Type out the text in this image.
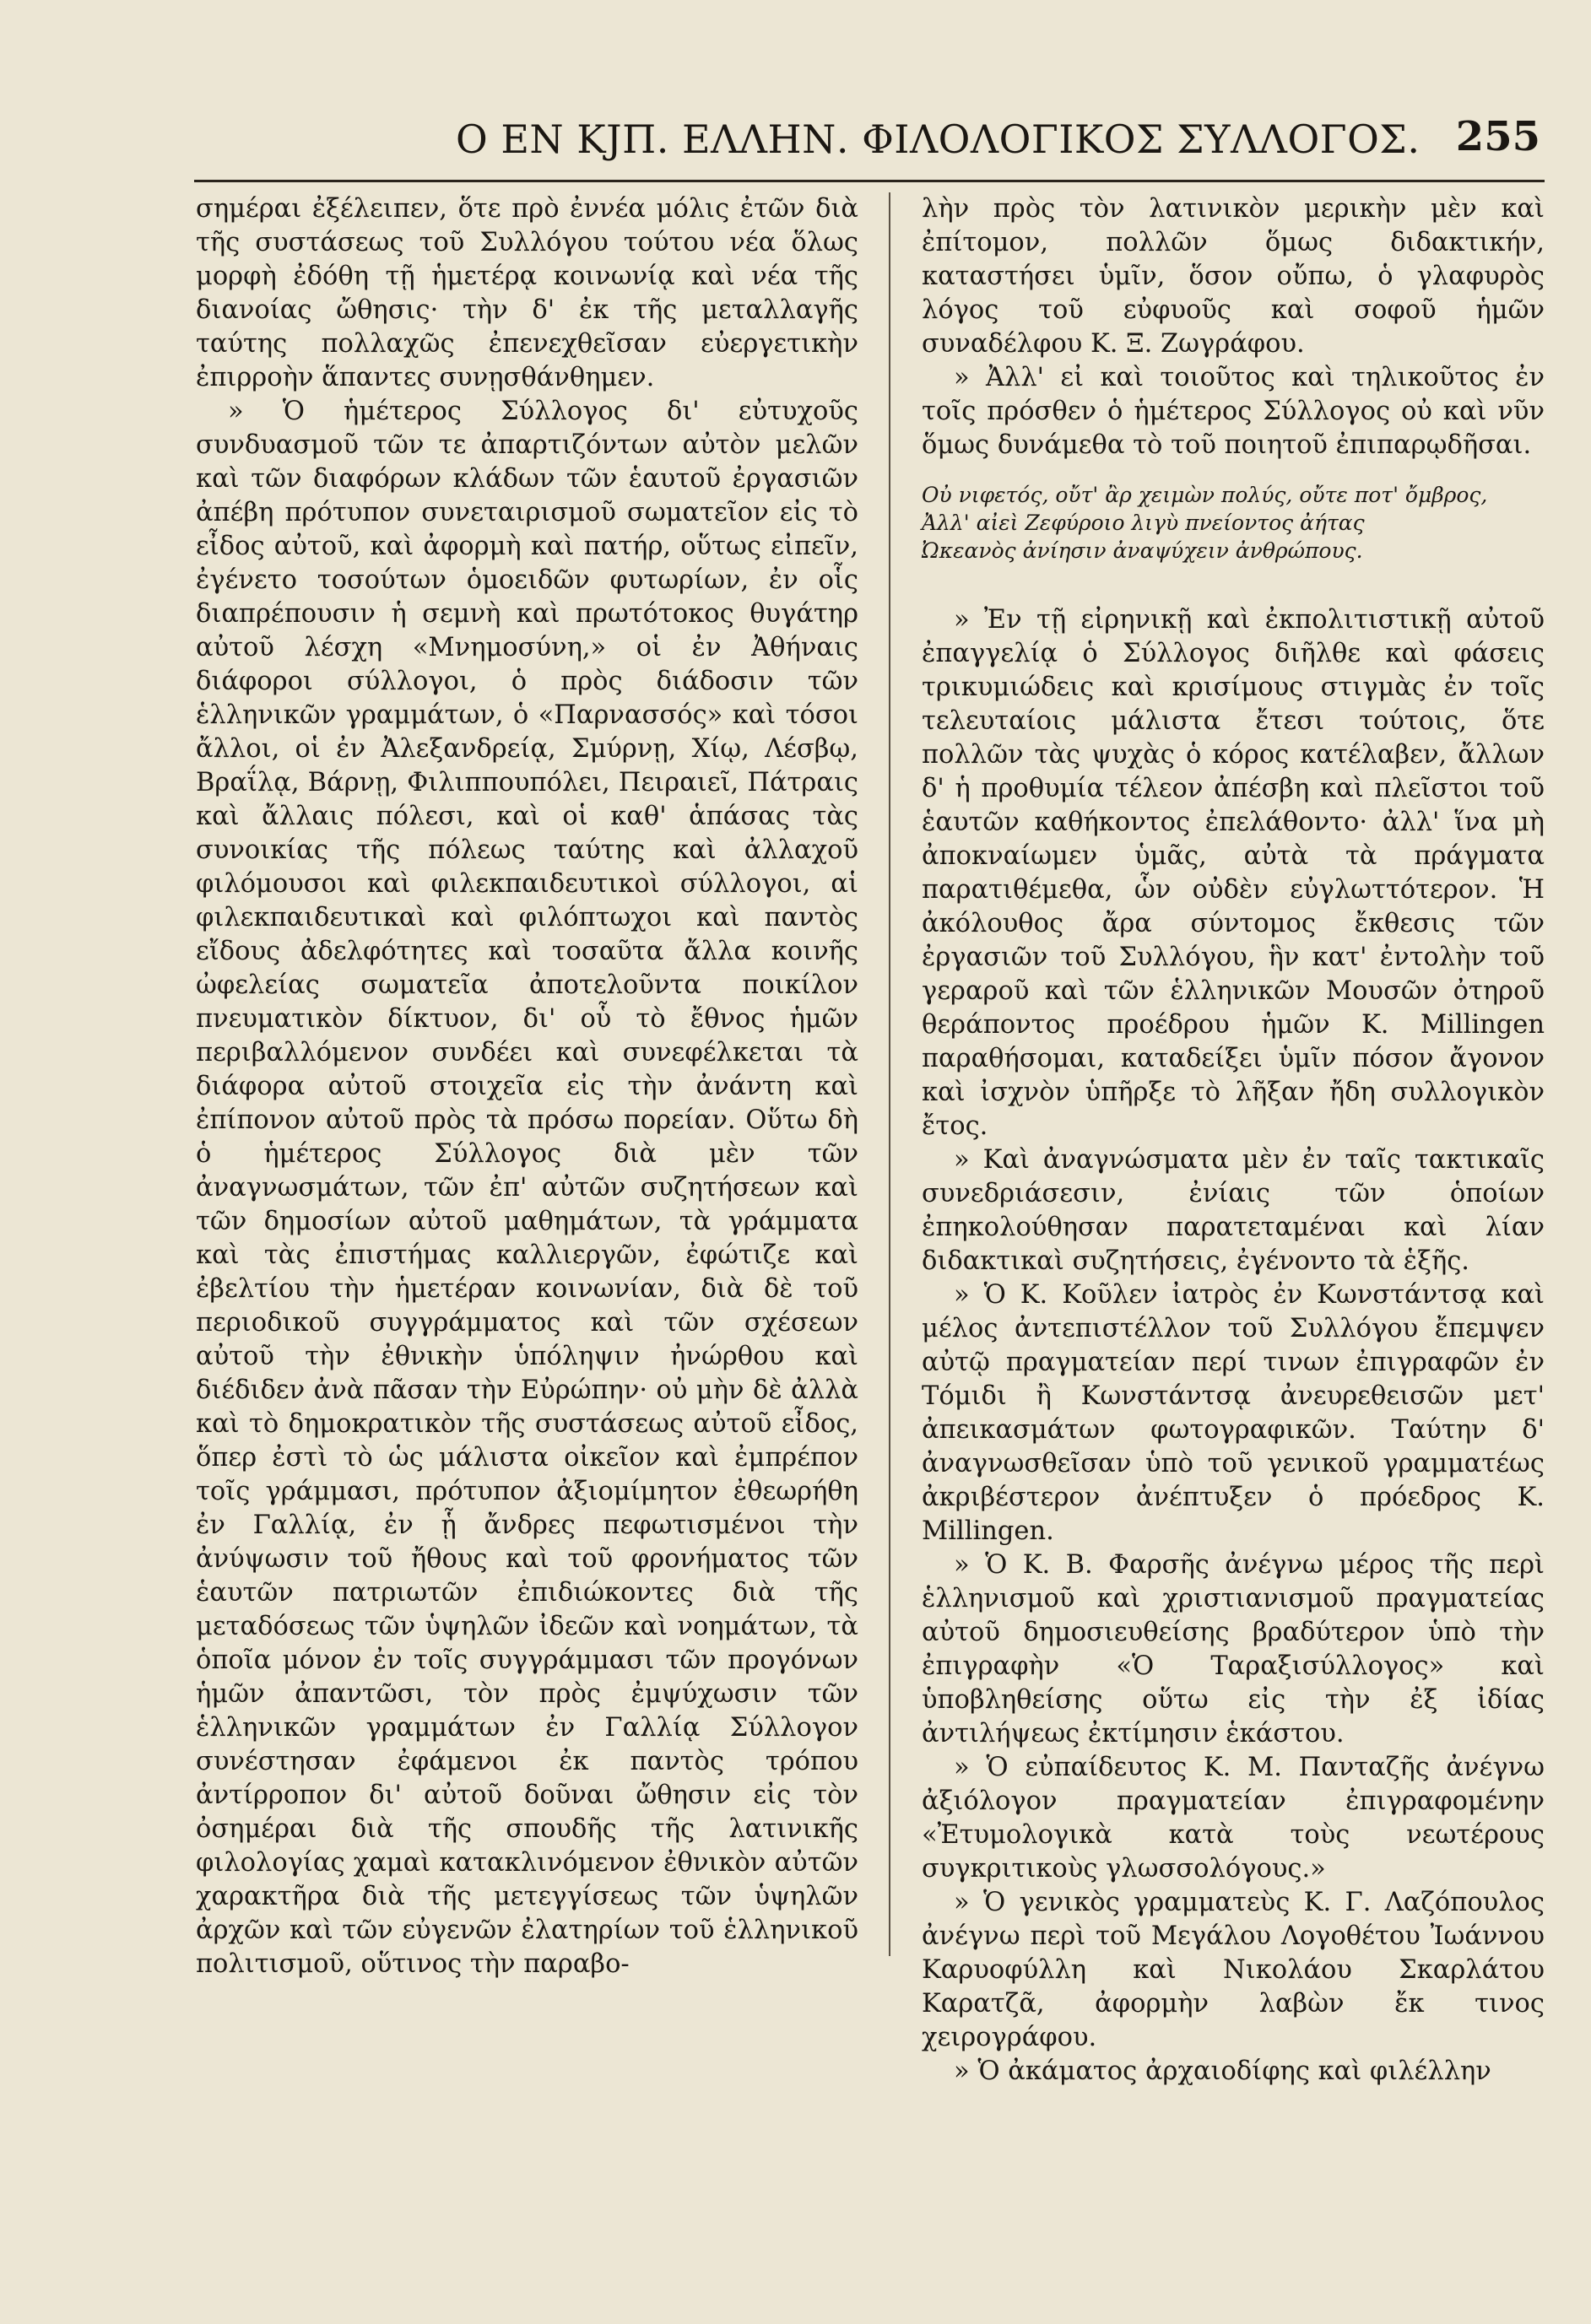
Ο ΕΝ ΚJΠ. ΕΛΛΗΝ. ΦΙΛΟΛΟΓΙΚΟΣ ΣΥΛΛΟΓΟΣ. 255

σημέραι ἐξέλειπεν, ὅτε πρὸ ἐννέα μόλις ἐτῶν διὰ τῆς συστάσεως τοῦ Συλλόγου τούτου νέα ὅλως μορφὴ ἐδόθη τῇ ἡμετέρᾳ κοινωνίᾳ καὶ νέα τῆς διανοίας ὤθησις· τὴν δ' ἐκ τῆς μεταλλαγῆς ταύτης πολλαχῶς ἐπενεχθεῖσαν εὐεργετικὴν ἐπιρροὴν ἅπαντες συνῃσθάνθημεν.

» Ὁ ἡμέτερος Σύλλογος δι' εὐτυχοῦς συνδυασμοῦ τῶν τε ἀπαρτιζόντων αὐτὸν μελῶν καὶ τῶν διαφόρων κλάδων τῶν ἑαυτοῦ ἐργασιῶν ἀπέβη πρότυπον συνεταιρισμοῦ σωματεῖον εἰς τὸ εἶδος αὐτοῦ, καὶ ἀφορμὴ καὶ πατήρ, οὕτως εἰπεῖν, ἐγένετο τοσούτων ὁμοειδῶν φυτωρίων, ἐν οἷς διαπρέπουσιν ἡ σεμνὴ καὶ πρωτότοκος θυγάτηρ αὐτοῦ λέσχη «Μνημοσύνη,» οἱ ἐν Ἀθήναις διάφοροι σύλλογοι, ὁ πρὸς διάδοσιν τῶν ἑλληνικῶν γραμμάτων, ὁ «Παρνασσός» καὶ τόσοι ἄλλοι, οἱ ἐν Ἀλεξανδρείᾳ, Σμύρνῃ, Χίῳ, Λέσβῳ, Βραΐλᾳ, Βάρνῃ, Φιλιππουπόλει, Πειραιεῖ, Πάτραις καὶ ἄλλαις πόλεσι, καὶ οἱ καθ' ἁπάσας τὰς συνοικίας τῆς πόλεως ταύτης καὶ ἀλλαχοῦ φιλόμουσοι καὶ φιλεκπαιδευτικοὶ σύλλογοι, αἱ φιλεκπαιδευτικαὶ καὶ φιλόπτωχοι καὶ παντὸς εἴδους ἀδελφότητες καὶ τοσαῦτα ἄλλα κοινῆς ὠφελείας σωματεῖα ἀποτελοῦντα ποικίλον πνευματικὸν δίκτυον, δι' οὗ τὸ ἔθνος ἡμῶν περιβαλλόμενον συνδέει καὶ συνεφέλκεται τὰ διάφορα αὐτοῦ στοιχεῖα εἰς τὴν ἀνάντη καὶ ἐπίπονον αὐτοῦ πρὸς τὰ πρόσω πορείαν. Οὕτω δὴ ὁ ἡμέτερος Σύλλογος διὰ μὲν τῶν ἀναγνωσμάτων, τῶν ἐπ' αὐτῶν συζητήσεων καὶ τῶν δημοσίων αὐτοῦ μαθημάτων, τὰ γράμματα καὶ τὰς ἐπιστήμας καλλιεργῶν, ἐφώτιζε καὶ ἐβελτίου τὴν ἡμετέραν κοινωνίαν, διὰ δὲ τοῦ περιοδικοῦ συγγράμματος καὶ τῶν σχέσεων αὐτοῦ τὴν ἐθνικὴν ὑπόληψιν ἠνώρθου καὶ διέδιδεν ἀνὰ πᾶσαν τὴν Εὐρώπην· οὐ μὴν δὲ ἀλλὰ καὶ τὸ δημοκρατικὸν τῆς συστάσεως αὐτοῦ εἶδος, ὅπερ ἐστὶ τὸ ὡς μάλιστα οἰκεῖον καὶ ἐμπρέπον τοῖς γράμμασι, πρότυπον ἀξιομίμητον ἐθεωρήθη ἐν Γαλλίᾳ, ἐν ᾗ ἄνδρες πεφωτισμένοι τὴν ἀνύψωσιν τοῦ ἤθους καὶ τοῦ φρονήματος τῶν ἑαυτῶν πατριωτῶν ἐπιδιώκοντες διὰ τῆς μεταδόσεως τῶν ὑψηλῶν ἰδεῶν καὶ νοημάτων, τὰ ὁποῖα μόνον ἐν τοῖς συγγράμμασι τῶν προγόνων ἡμῶν ἀπαντῶσι, τὸν πρὸς ἐμψύχωσιν τῶν ἑλληνικῶν γραμμάτων ἐν Γαλλίᾳ Σύλλογον συνέστησαν ἐφάμενοι ἐκ παντὸς τρόπου ἀντίρροπον δι' αὐτοῦ δοῦναι ὤθησιν εἰς τὸν ὀσημέραι διὰ τῆς σπουδῆς τῆς λατινικῆς φιλολογίας χαμαὶ κατακλινόμενον ἐθνικὸν αὐτῶν χαρακτῆρα διὰ τῆς μετεγγίσεως τῶν ὑψηλῶν ἀρχῶν καὶ τῶν εὐγενῶν ἐλατηρίων τοῦ ἑλληνικοῦ πολιτισμοῦ, οὕτινος τὴν παραβο-

λὴν πρὸς τὸν λατινικὸν μερικὴν μὲν καὶ ἐπίτομον, πολλῶν ὅμως διδακτικήν, καταστήσει ὑμῖν, ὅσον οὔπω, ὁ γλαφυρὸς λόγος τοῦ εὐφυοῦς καὶ σοφοῦ ἡμῶν συναδέλφου Κ. Ξ. Ζωγράφου.

» Ἀλλ' εἰ καὶ τοιοῦτος καὶ τηλικοῦτος ἐν τοῖς πρόσθεν ὁ ἡμέτερος Σύλλογος οὐ καὶ νῦν ὅμως δυνάμεθα τὸ τοῦ ποιητοῦ ἐπιπαρῳδῆσαι.

Οὐ νιφετός, οὔτ' ἂρ χειμὼν πολύς, οὔτε ποτ' ὄμβρος,
Ἀλλ' αἰεὶ Ζεφύροιο λιγὺ πνείοντος ἀήτας
Ὠκεανὸς ἀνίησιν ἀναψύχειν ἀνθρώπους.

» Ἐν τῇ εἰρηνικῇ καὶ ἐκπολιτιστικῇ αὐτοῦ ἐπαγγελίᾳ ὁ Σύλλογος διῆλθε καὶ φάσεις τρικυμιώδεις καὶ κρισίμους στιγμὰς ἐν τοῖς τελευταίοις μάλιστα ἔτεσι τούτοις, ὅτε πολλῶν τὰς ψυχὰς ὁ κόρος κατέλαβεν, ἄλλων δ' ἡ προθυμία τέλεον ἀπέσβη καὶ πλεῖστοι τοῦ ἑαυτῶν καθήκοντος ἐπελάθοντο· ἀλλ' ἵνα μὴ ἀποκναίωμεν ὑμᾶς, αὐτὰ τὰ πράγματα παρατιθέμεθα, ὧν οὐδὲν εὐγλωττότερον. Ἡ ἀκόλουθος ἄρα σύντομος ἔκθεσις τῶν ἐργασιῶν τοῦ Συλλόγου, ἣν κατ' ἐντολὴν τοῦ γεραροῦ καὶ τῶν ἑλληνικῶν Μουσῶν ὀτηροῦ θεράποντος προέδρου ἡμῶν Κ. Millingen παραθήσομαι, καταδείξει ὑμῖν πόσον ἄγονον καὶ ἰσχνὸν ὑπῆρξε τὸ λῆξαν ἤδη συλλογικὸν ἔτος.

» Καὶ ἀναγνώσματα μὲν ἐν ταῖς τακτικαῖς συνεδριάσεσιν, ἐνίαις τῶν ὁποίων ἐπηκολούθησαν παρατεταμέναι καὶ λίαν διδακτικαὶ συζητήσεις, ἐγένοντο τὰ ἑξῆς.

» Ὁ Κ. Κοῦλεν ἰατρὸς ἐν Κωνστάντσᾳ καὶ μέλος ἀντεπιστέλλον τοῦ Συλλόγου ἔπεμψεν αὐτῷ πραγματείαν περί τινων ἐπιγραφῶν ἐν Τόμιδι ἢ Κωνστάντσᾳ ἀνευρεθεισῶν μετ' ἀπεικασμάτων φωτογραφικῶν. Ταύτην δ' ἀναγνωσθεῖσαν ὑπὸ τοῦ γενικοῦ γραμματέως ἀκριβέστερον ἀνέπτυξεν ὁ πρόεδρος Κ. Millingen.

» Ὁ Κ. Β. Φαρσῆς ἀνέγνω μέρος τῆς περὶ ἑλληνισμοῦ καὶ χριστιανισμοῦ πραγματείας αὐτοῦ δημοσιευθείσης βραδύτερον ὑπὸ τὴν ἐπιγραφὴν «Ὁ Ταραξισύλλογος» καὶ ὑποβληθείσης οὕτω εἰς τὴν ἐξ ἰδίας ἀντιλήψεως ἐκτίμησιν ἑκάστου.

» Ὁ εὐπαίδευτος Κ. Μ. Πανταζῆς ἀνέγνω ἀξιόλογον πραγματείαν ἐπιγραφομένην «Ἐτυμολογικὰ κατὰ τοὺς νεωτέρους συγκριτικοὺς γλωσσολόγους.»

» Ὁ γενικὸς γραμματεὺς Κ. Γ. Λαζόπουλος ἀνέγνω περὶ τοῦ Μεγάλου Λογοθέτου Ἰωάννου Καρυοφύλλη καὶ Νικολάου Σκαρλάτου Καρατζᾶ, ἀφορμὴν λαβὼν ἔκ τινος χειρογράφου.

» Ὁ ἀκάματος ἀρχαιοδίφης καὶ φιλέλλην
